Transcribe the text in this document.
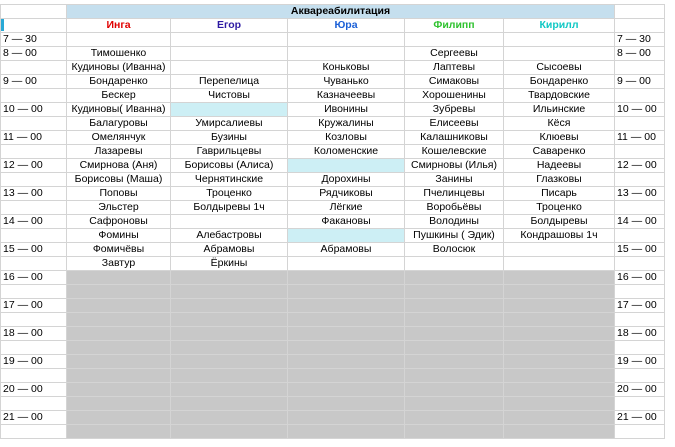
	Аквареабилитация					
	Инга	Егор	Юра	Филипп	Кирилл	
7 — 30						7 — 30
8 — 00	Тимошенко			Сергеевы		8 — 00
	Кудиновы (Иванна)		Коньковы	Лаптевы	Сысоевы	
9 — 00	Бондаренко	Перепелица	Чуванько	Симаковы	Бондаренко	9 — 00
	Бескер	Чистовы	Казначеевы	Хорошенины	Твардовские	
10 — 00	Кудиновы( Иванна)		Ивонины	Зубревы	Ильинские	10 — 00
	Балагуровы	Умирсалиевы	Кружалины	Елисеевы	Кёся	
11 — 00	Омелянчук	Бузины	Козловы	Калашниковы	Клюевы	11 — 00
	Лазаревы	Гаврильцевы	Коломенские	Кошелевские	Саваренко	
12 — 00	Смирнова (Аня)	Борисовы (Алиса)		Смирновы (Илья)	Надеевы	12 — 00
	Борисовы (Маша)	Чернятинские	Дорохины	Занины	Глазковы	
13 — 00	Поповы	Троценко	Рядчиковы	Пчелинцевы	Писарь	13 — 00
	Эльстер	Болдыревы 1ч	Лёгкие	Воробьёвы	Троценко	
14 — 00	Сафроновы		Факановы	Володины	Болдыревы	14 — 00
	Фомины	Алебастровы		Пушкины ( Эдик)	Кондрашовы 1ч	
15 — 00	Фомичёвы	Абрамовы	Абрамовы	Волосюк		15 — 00
	Завтур	Ёркины				
16 — 00						16 — 00

17 — 00						17 — 00

18 — 00						18 — 00

19 — 00						19 — 00

20 — 00						20 — 00

21 — 00						21 — 00
